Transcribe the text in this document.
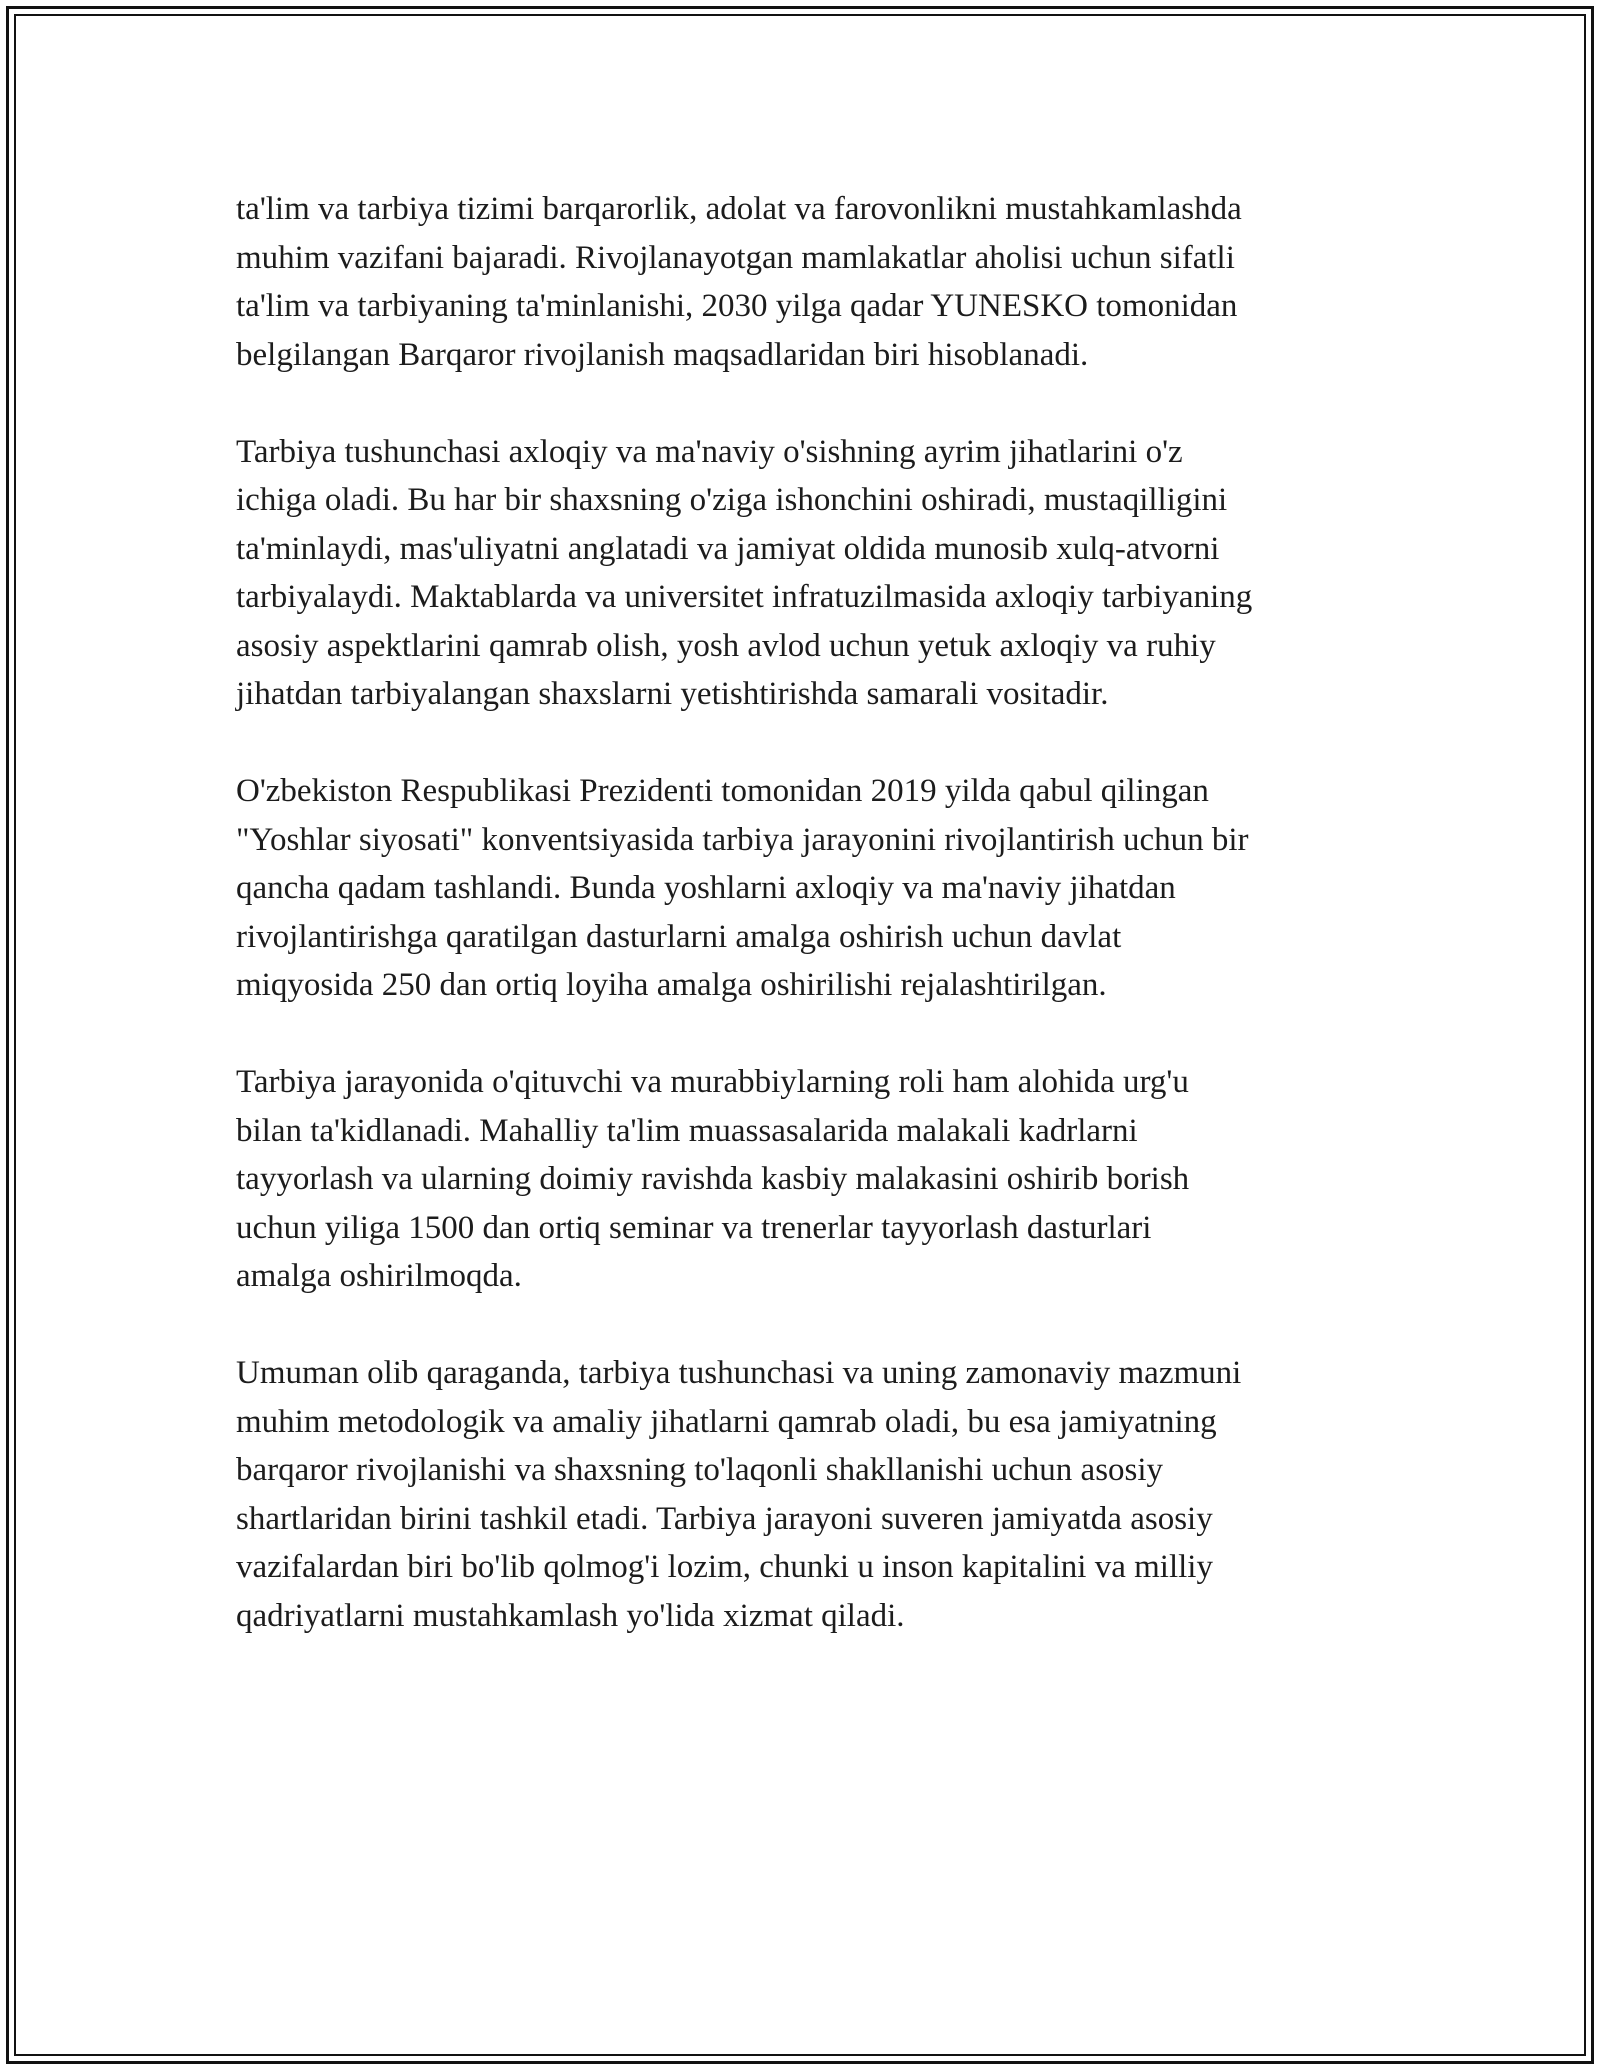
ta'lim va tarbiya tizimi barqarorlik, adolat va farovonlikni mustahkamlashda
muhim vazifani bajaradi. Rivojlanayotgan mamlakatlar aholisi uchun sifatli
ta'lim va tarbiyaning ta'minlanishi, 2030 yilga qadar YUNESKO tomonidan
belgilangan Barqaror rivojlanish maqsadlaridan biri hisoblanadi.

Tarbiya tushunchasi axloqiy va ma'naviy o'sishning ayrim jihatlarini o'z
ichiga oladi. Bu har bir shaxsning o'ziga ishonchini oshiradi, mustaqilligini
ta'minlaydi, mas'uliyatni anglatadi va jamiyat oldida munosib xulq-atvorni
tarbiyalaydi. Maktablarda va universitet infratuzilmasida axloqiy tarbiyaning
asosiy aspektlarini qamrab olish, yosh avlod uchun yetuk axloqiy va ruhiy
jihatdan tarbiyalangan shaxslarni yetishtirishda samarali vositadir.

O'zbekiston Respublikasi Prezidenti tomonidan 2019 yilda qabul qilingan
"Yoshlar siyosati" konventsiyasida tarbiya jarayonini rivojlantirish uchun bir
qancha qadam tashlandi. Bunda yoshlarni axloqiy va ma'naviy jihatdan
rivojlantirishga qaratilgan dasturlarni amalga oshirish uchun davlat
miqyosida 250 dan ortiq loyiha amalga oshirilishi rejalashtirilgan.

Tarbiya jarayonida o'qituvchi va murabbiylarning roli ham alohida urg'u
bilan ta'kidlanadi. Mahalliy ta'lim muassasalarida malakali kadrlarni
tayyorlash va ularning doimiy ravishda kasbiy malakasini oshirib borish
uchun yiliga 1500 dan ortiq seminar va trenerlar tayyorlash dasturlari
amalga oshirilmoqda.

Umuman olib qaraganda, tarbiya tushunchasi va uning zamonaviy mazmuni
muhim metodologik va amaliy jihatlarni qamrab oladi, bu esa jamiyatning
barqaror rivojlanishi va shaxsning to'laqonli shakllanishi uchun asosiy
shartlaridan birini tashkil etadi. Tarbiya jarayoni suveren jamiyatda asosiy
vazifalardan biri bo'lib qolmog'i lozim, chunki u inson kapitalini va milliy
qadriyatlarni mustahkamlash yo'lida xizmat qiladi.
